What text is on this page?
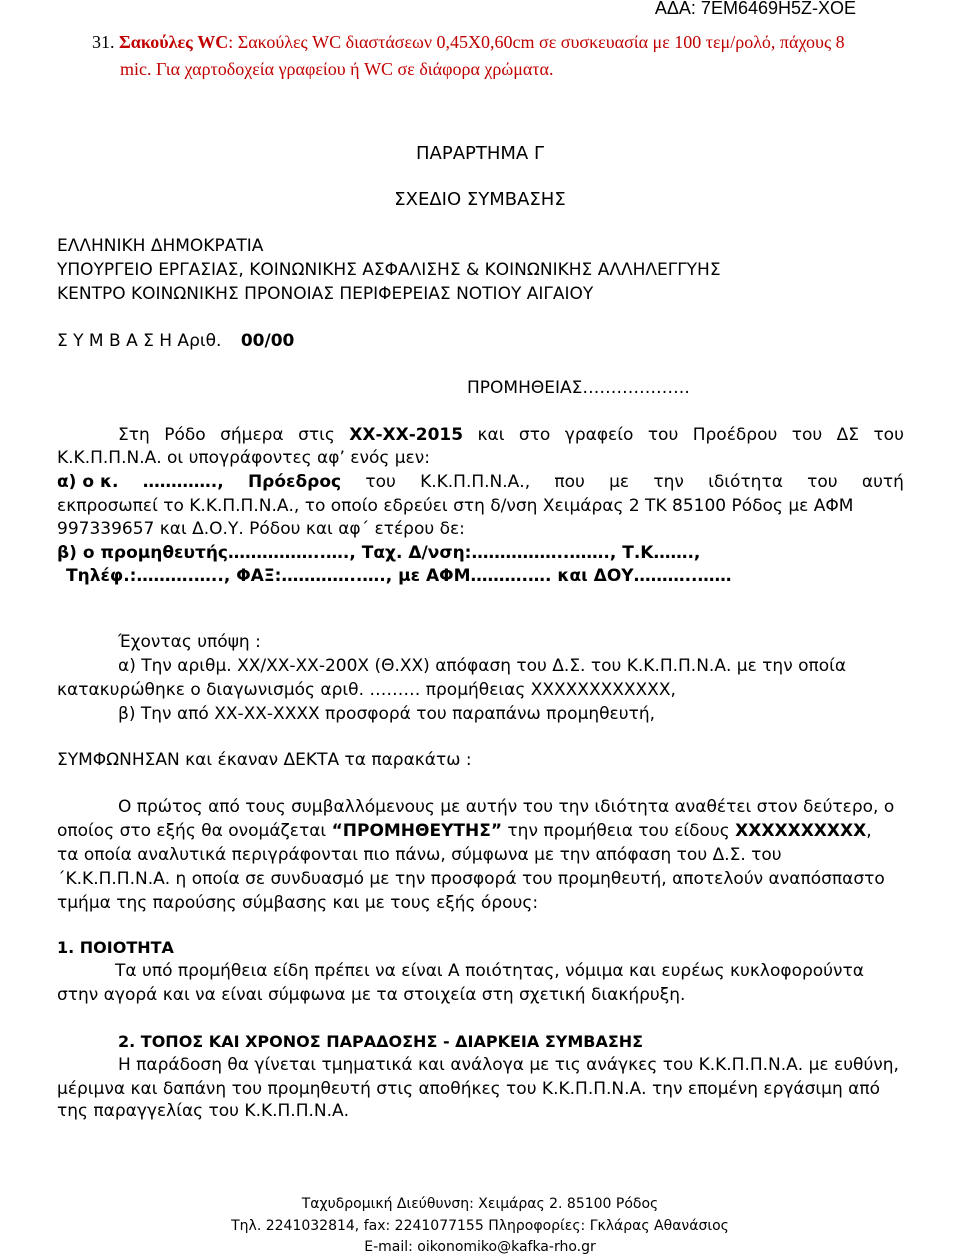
ΑΔΑ: 7ΕΜ6469Η5Ζ-ΧΟΕ
31. Σακούλες WC: Σακούλες WC διαστάσεων 0,45Χ0,60cm σε συσκευασία με 100 τεμ/ρολό, πάχους 8
mic. Για χαρτοδοχεία γραφείου ή WC σε διάφορα χρώματα.
ΠΑΡΑΡΤΗΜΑ Γ
ΣΧΕΔΙΟ ΣΥΜΒΑΣΗΣ
ΕΛΛΗΝΙΚΗ ΔΗΜΟΚΡΑΤΙΑ
ΥΠΟΥΡΓΕΙΟ ΕΡΓΑΣΙΑΣ, ΚΟΙΝΩΝΙΚΗΣ ΑΣΦΑΛΙΣΗΣ & ΚΟΙΝΩΝΙΚΗΣ ΑΛΛΗΛΕΓΓΥΗΣ
ΚΕΝΤΡΟ ΚΟΙΝΩΝΙΚΗΣ ΠΡΟΝΟΙΑΣ ΠΕΡΙΦΕΡΕΙΑΣ ΝΟΤΙΟΥ ΑΙΓΑΙΟΥ
Σ Υ Μ Β Α Σ Η Αριθ. 00/00
ΠΡΟΜΗΘΕΙΑΣ……………….
Στη Ρόδο σήμερα στις ΧΧ-ΧΧ-2015 και στο γραφείο του Προέδρου του ΔΣ του
Κ.Κ.Π.Π.Ν.Α. οι υπογράφοντες αφ’ ενός μεν:
α) ο κ. …………., Πρόεδρος του Κ.Κ.Π.Π.Ν.Α., που με την ιδιότητα του αυτή
εκπροσωπεί το Κ.Κ.Π.Π.Ν.Α., το οποίο εδρεύει στη δ/νση Χειμάρας 2 ΤΚ 85100 Ρόδος με ΑΦΜ
997339657 και Δ.Ο.Υ. Ρόδου και αφ΄ ετέρου δε:
β) ο προμηθευτής……………..…., Ταχ. Δ/νση:……………..……., Τ.Κ…….,
Τηλέφ.:……….….., ΦΑΞ:…………..…., με ΑΦΜ……….…. και ΔΟΥ………..……
Έχοντας υπόψη :
α) Την αριθμ. ΧΧ/ΧΧ-ΧΧ-200Χ (Θ.ΧΧ) απόφαση του Δ.Σ. του Κ.Κ.Π.Π.Ν.Α. με την οποία
κατακυρώθηκε ο διαγωνισμός αριθ. ……… προμήθειας ΧΧΧΧΧΧΧΧΧΧΧΧ,
β) Την από ΧΧ-ΧΧ-ΧΧΧΧ προσφορά του παραπάνω προμηθευτή,
ΣΥΜΦΩΝΗΣΑΝ και έκαναν ΔΕΚΤΑ τα παρακάτω :
Ο πρώτος από τους συμβαλλόμενους με αυτήν του την ιδιότητα αναθέτει στον δεύτερο, ο
οποίος στο εξής θα ονομάζεται “ΠΡΟΜΗΘΕΥΤΗΣ” την προμήθεια του είδους ΧΧΧΧΧΧΧΧΧΧ,
τα οποία αναλυτικά περιγράφονται πιο πάνω, σύμφωνα με την απόφαση του Δ.Σ. του
΄Κ.Κ.Π.Π.Ν.Α. η οποία σε συνδυασμό με την προσφορά του προμηθευτή, αποτελούν αναπόσπαστο
τμήμα της παρούσης σύμβασης και με τους εξής όρους:
1. ΠΟΙΟΤΗΤΑ
Τα υπό προμήθεια είδη πρέπει να είναι Α ποιότητας, νόμιμα και ευρέως κυκλοφορούντα
στην αγορά και να είναι σύμφωνα με τα στοιχεία στη σχετική διακήρυξη.
2. ΤΟΠΟΣ ΚΑΙ ΧΡΟΝΟΣ ΠΑΡΑΔΟΣΗΣ - ΔΙΑΡΚΕΙΑ ΣΥΜΒΑΣΗΣ
Η παράδοση θα γίνεται τμηματικά και ανάλογα με τις ανάγκες του Κ.Κ.Π.Π.Ν.Α. με ευθύνη,
μέριμνα και δαπάνη του προμηθευτή στις αποθήκες του Κ.Κ.Π.Π.Ν.Α. την επομένη εργάσιμη από
της παραγγελίας του Κ.Κ.Π.Π.Ν.Α.
Ταχυδρομική Διεύθυνση: Χειμάρας 2. 85100 Ρόδος
Τηλ. 2241032814, fax: 2241077155 Πληροφορίες: Γκλάρας Αθανάσιος
E-mail: oikonomiko@kafka-rho.gr
